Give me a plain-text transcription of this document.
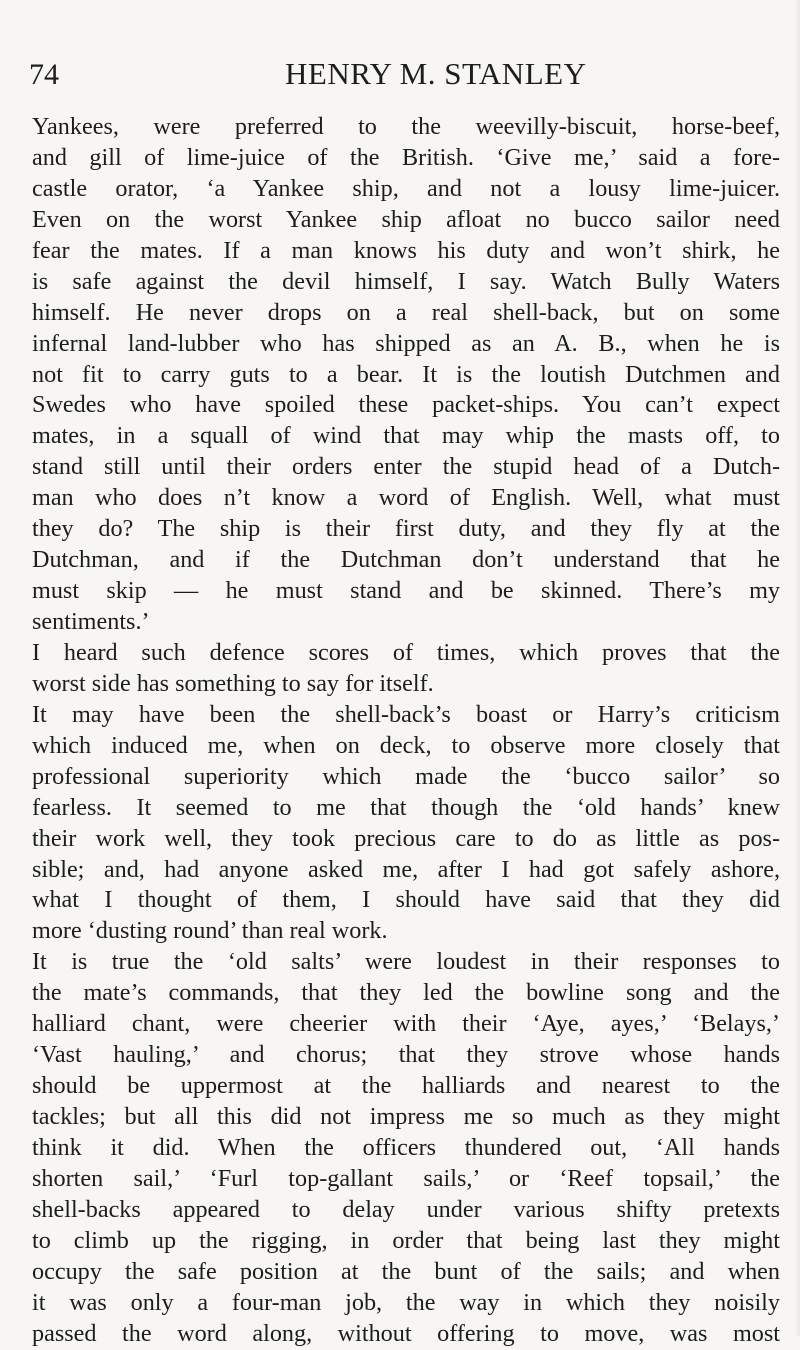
74	HENRY M. STANLEY
Yankees, were preferred to the weevilly-biscuit, horse-beef,
and gill of lime-juice of the British. ‘Give me,’ said a fore-
castle orator, ‘a Yankee ship, and not a lousy lime-juicer.
Even on the worst Yankee ship afloat no bucco sailor need
fear the mates. If a man knows his duty and won’t shirk, he
is safe against the devil himself, I say. Watch Bully Waters
himself. He never drops on a real shell-back, but on some
infernal land-lubber who has shipped as an A. B., when he is
not fit to carry guts to a bear. It is the loutish Dutchmen and
Swedes who have spoiled these packet-ships. You can’t expect
mates, in a squall of wind that may whip the masts off, to
stand still until their orders enter the stupid head of a Dutch-
man who does n’t know a word of English. Well, what must
they do? The ship is their first duty, and they fly at the
Dutchman, and if the Dutchman don’t understand that he
must skip — he must stand and be skinned. There’s my
sentiments.’
I heard such defence scores of times, which proves that the
worst side has something to say for itself.
It may have been the shell-back’s boast or Harry’s criticism
which induced me, when on deck, to observe more closely that
professional superiority which made the ‘bucco sailor’ so
fearless. It seemed to me that though the ‘old hands’ knew
their work well, they took precious care to do as little as pos-
sible; and, had anyone asked me, after I had got safely ashore,
what I thought of them, I should have said that they did
more ‘dusting round’ than real work.
It is true the ‘old salts’ were loudest in their responses to
the mate’s commands, that they led the bowline song and the
halliard chant, were cheerier with their ‘Aye, ayes,’ ‘Belays,’
‘Vast hauling,’ and chorus; that they strove whose hands
should be uppermost at the halliards and nearest to the
tackles; but all this did not impress me so much as they might
think it did. When the officers thundered out, ‘All hands
shorten sail,’ ‘Furl top-gallant sails,’ or ‘Reef topsail,’ the
shell-backs appeared to delay under various shifty pretexts
to climb up the rigging, in order that being last they might
occupy the safe position at the bunt of the sails; and when
it was only a four-man job, the way in which they noisily
passed the word along, without offering to move, was most
